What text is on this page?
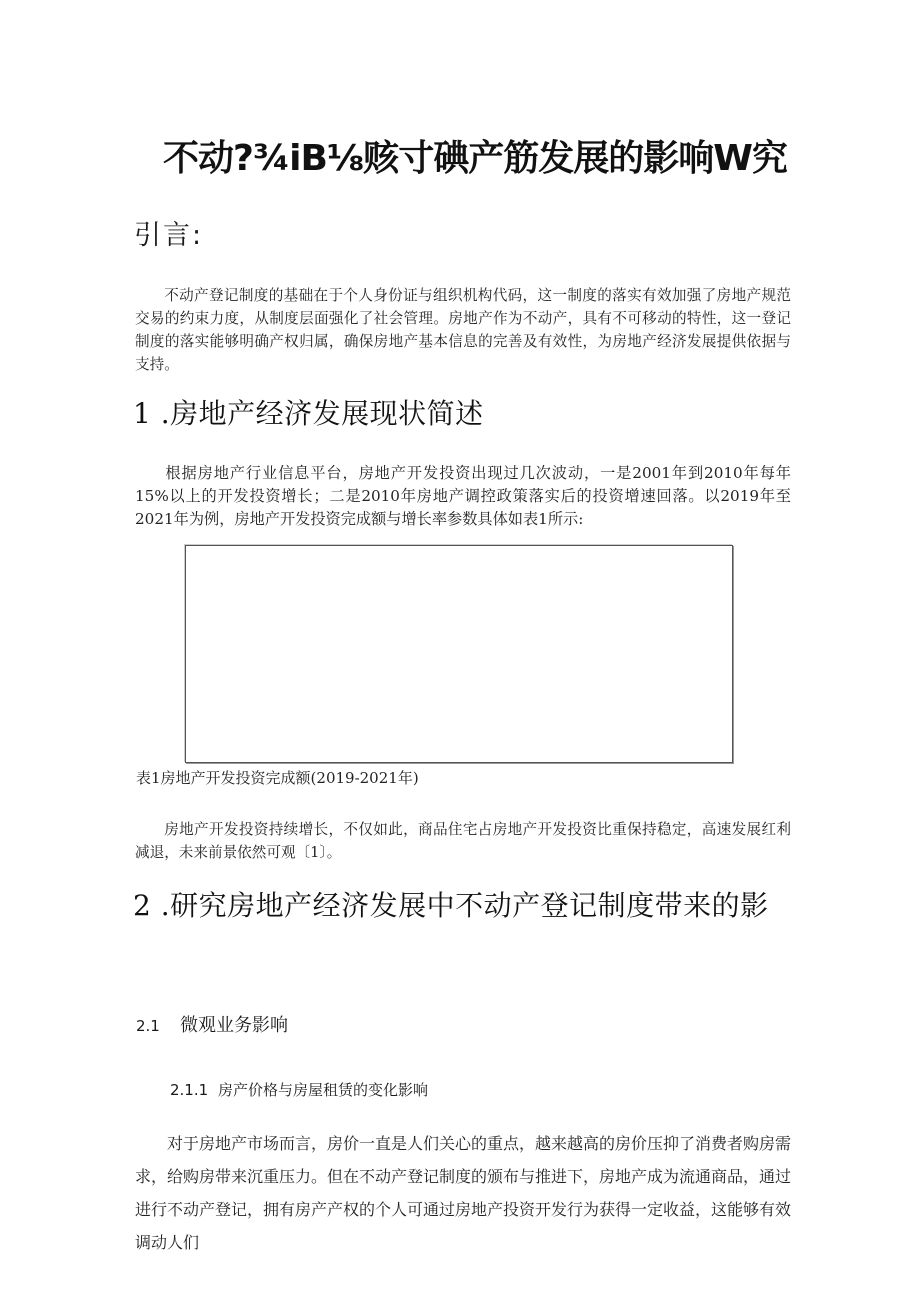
不动?¾iB⅛赅寸碘产筋发展的影响W究
引言:
不动产登记制度的基础在于个人身份证与组织机构代码，这一制度的落实有效加强了房地产规范交易的约束力度，从制度层面强化了社会管理。房地产作为不动产，具有不可移动的特性，这一登记制度的落实能够明确产权归属，确保房地产基本信息的完善及有效性，为房地产经济发展提供依据与支持。
1 .房地产经济发展现状简述
根据房地产行业信息平台，房地产开发投资出现过几次波动，一是2001年到2010年每年15%以上的开发投资增长；二是2010年房地产调控政策落实后的投资增速回落。以2019年至2021年为例，房地产开发投资完成额与增长率参数具体如表1所示:
表1房地产开发投资完成额(2019-2021年)
房地产开发投资持续增长，不仅如此，商品住宅占房地产开发投资比重保持稳定，高速发展红利减退，未来前景依然可观〔1〕。
2 .研究房地产经济发展中不动产登记制度带来的影
2.1 微观业务影响
2.1.1 房产价格与房屋租赁的变化影响
对于房地产市场而言，房价一直是人们关心的重点，越来越高的房价压抑了消费者购房需求，给购房带来沉重压力。但在不动产登记制度的颁布与推进下，房地产成为流通商品，通过进行不动产登记，拥有房产产权的个人可通过房地产投资开发行为获得一定收益，这能够有效调动人们
